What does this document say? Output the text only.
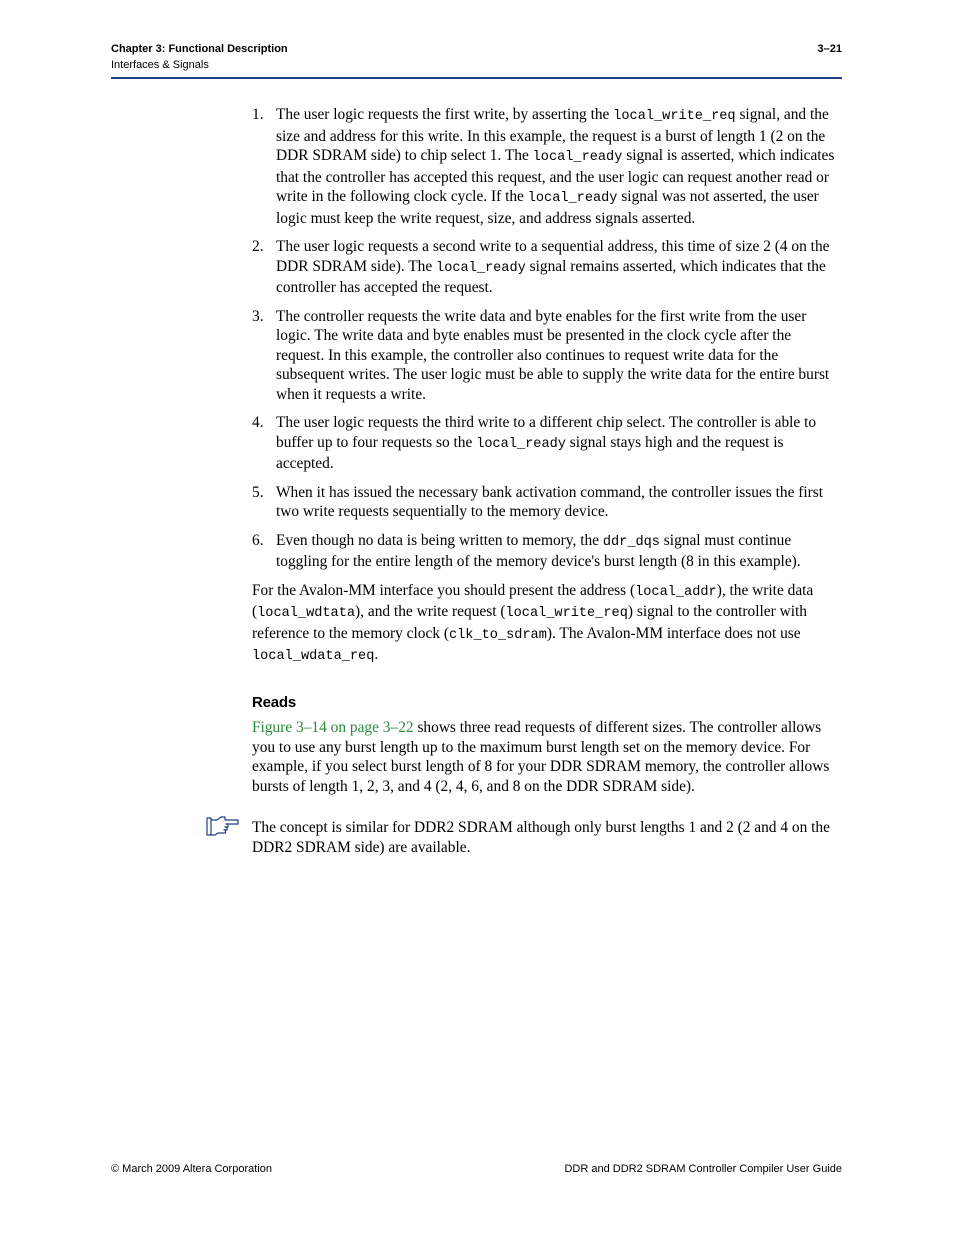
Chapter 3: Functional Description
Interfaces & Signals
3–21
1. The user logic requests the first write, by asserting the local_write_req signal, and the size and address for this write. In this example, the request is a burst of length 1 (2 on the DDR SDRAM side) to chip select 1. The local_ready signal is asserted, which indicates that the controller has accepted this request, and the user logic can request another read or write in the following clock cycle. If the local_ready signal was not asserted, the user logic must keep the write request, size, and address signals asserted.
2. The user logic requests a second write to a sequential address, this time of size 2 (4 on the DDR SDRAM side). The local_ready signal remains asserted, which indicates that the controller has accepted the request.
3. The controller requests the write data and byte enables for the first write from the user logic. The write data and byte enables must be presented in the clock cycle after the request. In this example, the controller also continues to request write data for the subsequent writes. The user logic must be able to supply the write data for the entire burst when it requests a write.
4. The user logic requests the third write to a different chip select. The controller is able to buffer up to four requests so the local_ready signal stays high and the request is accepted.
5. When it has issued the necessary bank activation command, the controller issues the first two write requests sequentially to the memory device.
6. Even though no data is being written to memory, the ddr_dqs signal must continue toggling for the entire length of the memory device's burst length (8 in this example).

For the Avalon-MM interface you should present the address (local_addr), the write data (local_wdtata), and the write request (local_write_req) signal to the controller with reference to the memory clock (clk_to_sdram). The Avalon-MM interface does not use local_wdata_req.

Reads

Figure 3–14 on page 3–22 shows three read requests of different sizes. The controller allows you to use any burst length up to the maximum burst length set on the memory device. For example, if you select burst length of 8 for your DDR SDRAM memory, the controller allows bursts of length 1, 2, 3, and 4 (2, 4, 6, and 8 on the DDR SDRAM side).

The concept is similar for DDR2 SDRAM although only burst lengths 1 and 2 (2 and 4 on the DDR2 SDRAM side) are available.

© March 2009 Altera Corporation	DDR and DDR2 SDRAM Controller Compiler User Guide
